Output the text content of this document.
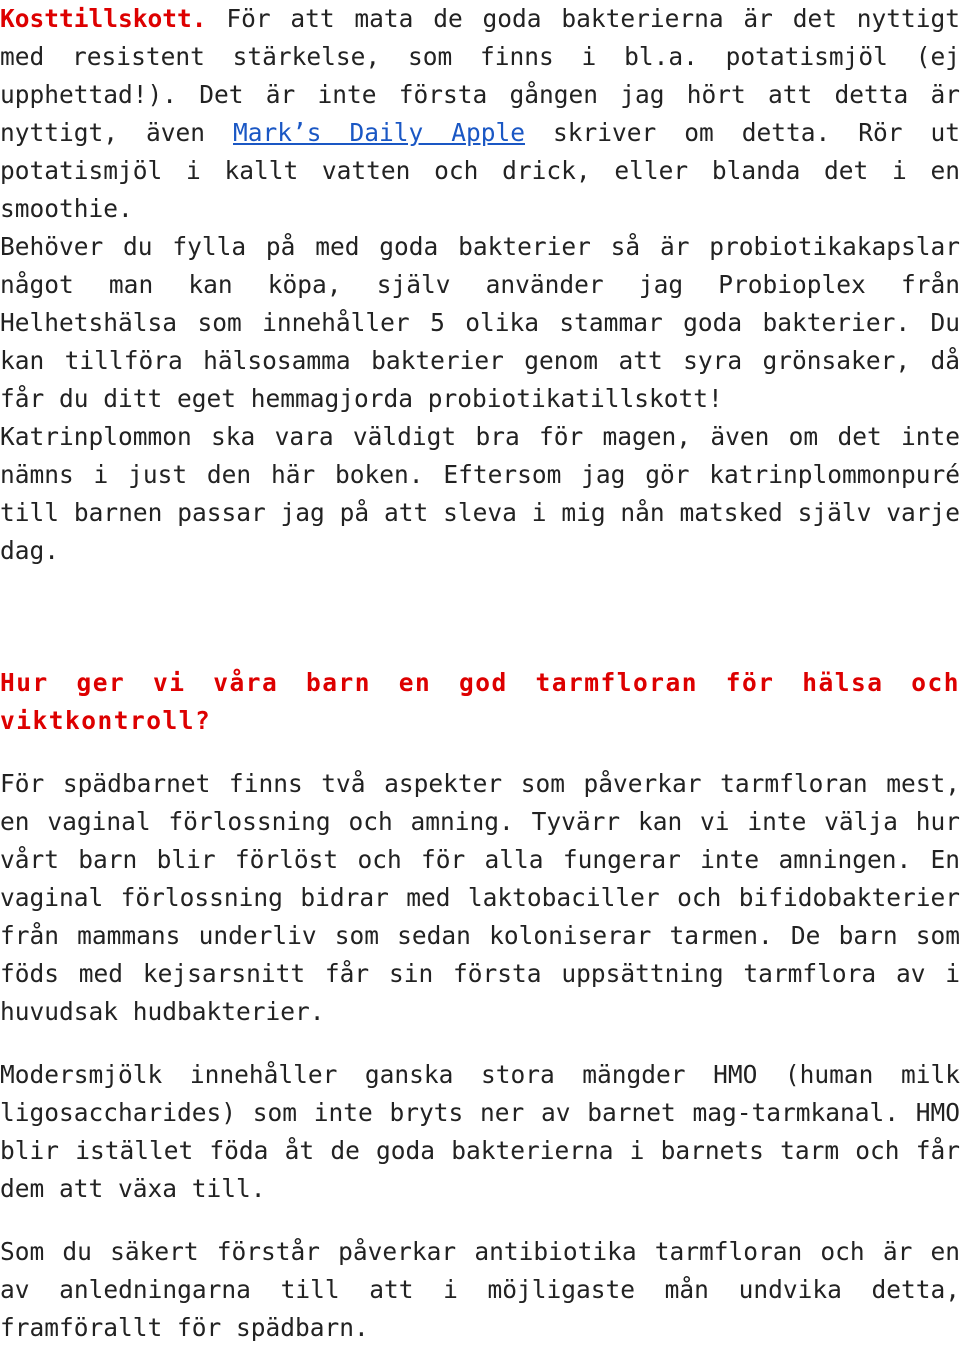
Kosttillskott. För att mata de goda bakterierna är det nyttigt med resistent stärkelse, som finns i bl.a. potatismjöl (ej upphettad!). Det är inte första gången jag hört att detta är nyttigt, även Mark’s Daily Apple skriver om detta. Rör ut potatismjöl i kallt vatten och drick, eller blanda det i en smoothie.

Behöver du fylla på med goda bakterier så är probiotikakapslar något man kan köpa, själv använder jag Probioplex från Helhetshälsa som innehåller 5 olika stammar goda bakterier. Du kan tillföra hälsosamma bakterier genom att syra grönsaker, då får du ditt eget hemmagjorda probiotikatillskott!

Katrinplommon ska vara väldigt bra för magen, även om det inte nämns i just den här boken. Eftersom jag gör katrinplommonpuré till barnen passar jag på att sleva i mig nån matsked själv varje dag.

Hur ger vi våra barn en god tarmfloran för hälsa och viktkontroll?

För spädbarnet finns två aspekter som påverkar tarmfloran mest, en vaginal förlossning och amning. Tyvärr kan vi inte välja hur vårt barn blir förlöst och för alla fungerar inte amningen. En vaginal förlossning bidrar med laktobaciller och bifidobakterier från mammans underliv som sedan koloniserar tarmen. De barn som föds med kejsarsnitt får sin första uppsättning tarmflora av i huvudsak hudbakterier.

Modersmjölk innehåller ganska stora mängder HMO (human milk ligosaccharides) som inte bryts ner av barnet mag-tarmkanal. HMO blir istället föda åt de goda bakterierna i barnets tarm och får dem att växa till.

Som du säkert förstår påverkar antibiotika tarmfloran och är en av anledningarna till att i möjligaste mån undvika detta, framförallt för spädbarn.
